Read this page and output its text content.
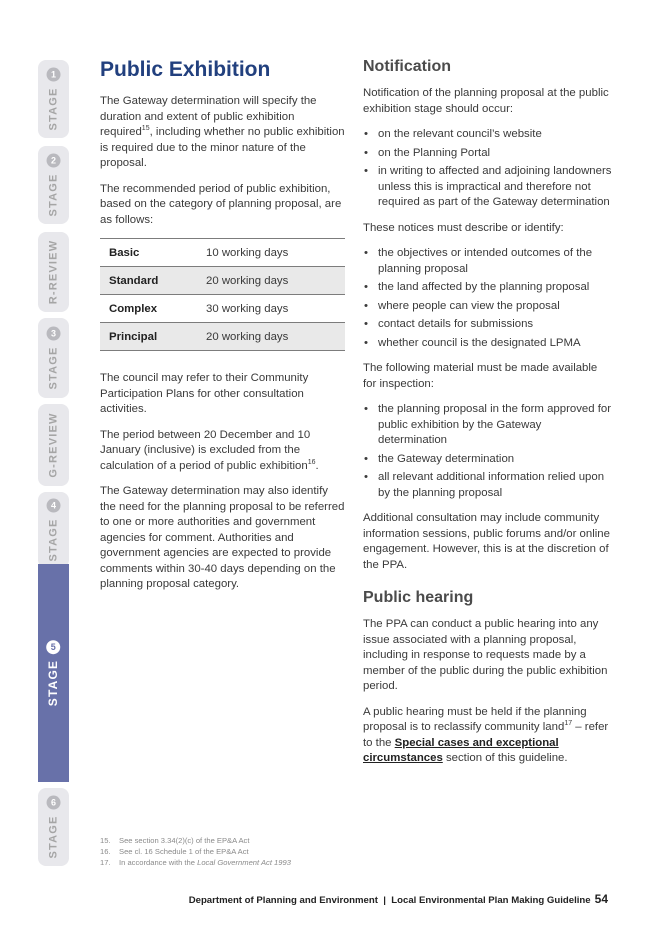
STAGE
1
STAGE
2
R-REVIEW
STAGE
3
G-REVIEW
STAGE
4
STAGE
5
STAGE
6
Public Exhibition

The Gateway determination will specify the duration and extent of public exhibition required$^{15}$, including whether no public exhibition is required due to the minor nature of the proposal.

The recommended period of public exhibition, based on the category of planning proposal, are as follows:

Basic	10 working days
Standard	20 working days
Complex	30 working days
Principal	20 working days

The council may refer to their Community Participation Plans for other consultation activities.

The period between 20 December and 10 January (inclusive) is excluded from the calculation of a period of public exhibition$^{16}$.

The Gateway determination may also identify the need for the planning proposal to be referred to one or more authorities and government agencies for comment. Authorities and government agencies are expected to provide comments within 30-40 days depending on the planning proposal category.

Notification

Notification of the planning proposal at the public exhibition stage should occur:

• on the relevant council’s website
• on the Planning Portal
• in writing to affected and adjoining landowners unless this is impractical and therefore not required as part of the Gateway determination

These notices must describe or identify:

• the objectives or intended outcomes of the planning proposal
• the land affected by the planning proposal
• where people can view the proposal
• contact details for submissions
• whether council is the designated LPMA

The following material must be made available for inspection:

• the planning proposal in the form approved for public exhibition by the Gateway determination
• the Gateway determination
• all relevant additional information relied upon by the planning proposal

Additional consultation may include community information sessions, public forums and/or online engagement. However, this is at the discretion of the PPA.

Public hearing

The PPA can conduct a public hearing into any issue associated with a planning proposal, including in response to requests made by a member of the public during the public exhibition period.

A public hearing must be held if the planning proposal is to reclassify community land$^{17}$ – refer to the Special cases and exceptional circumstances section of this guideline.

15.	See section 3.34(2)(c) of the EP&A Act
16.	See cl. 16 Schedule 1 of the EP&A Act
17.	In accordance with the Local Government Act 1993
Department of Planning and Environment  |  Local Environmental Plan Making Guideline 54
